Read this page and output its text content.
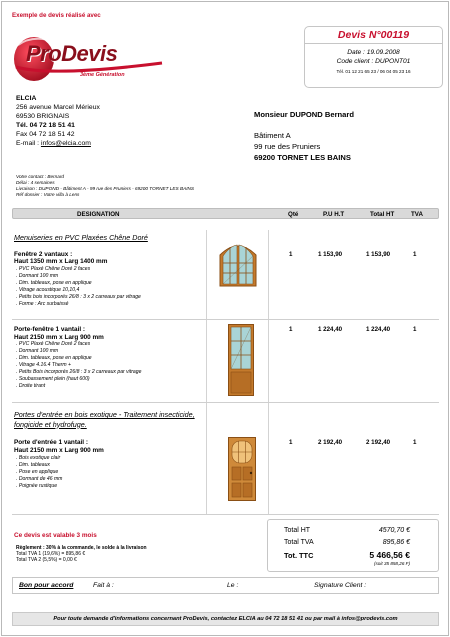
Exemple de devis réalisé avec
ProDevis
3ème Génération
Devis N°00119
Date : 19.09.2008
Code client : DUPONT01
Tél. 01 12 21 65 23 / 06 04 05 23 16
ELCIA
256 avenue Marcel Mérieux
69530 BRIGNAIS
Tél. 04 72 18 51 41
Fax 04 72 18 51 42
E-mail : infos@elcia.com
Monsieur DUPOND Bernard
Bâtiment A
99 rue des Pruniers
69200 TORNET LES BAINS
Votre contact : Bernard
Délai : 4 semaines
Livraison : DUPOND - Bâtiment A - 99 rue des Pruniers - 69200 TORNET LES BAINS
Réf dossier : Votre villa à Lens
DESIGNATION	Qté	P.U H.T	Total HT	TVA
Menuiseries en PVC Plaxées Chêne Doré
Fenêtre 2 vantaux :
Haut 1350 mm x Larg 1400 mm
. PVC Plaxé Chêne Doré 2 faces
. Dormant 100 mm
. Dim. tableaux, pose en applique
. Vitrage acoustique 10,10,4
. Petits bois incorporés 26/8 : 3 x 2 carreaux par vitrage
. Forme : Arc surbaissé
1	1 153,90	1 153,90	1
Porte-fenêtre 1 vantail :
Haut 2150 mm x Larg 900 mm
. PVC Plaxé Chêne Doré 2 faces
. Dormant 100 mm
. Dim. tableaux, pose en applique
. Vitrage 4.16.4 Therm +
. Petits Bois incorporés 26/8 : 3 x 2 carreaux par vitrage
. Soubassement plein (haut 600)
. Droite tirant
1	1 224,40	1 224,40	1
Portes d'entrée en bois exotique - Traitement insecticide, fongicide et hydrofuge.
Porte d'entrée 1 vantail :
Haut 2150 mm x Larg 900 mm
. Bois exotique clair
. Dim. tableaux
. Pose en applique
. Dormant de 46 mm
. Poignée rustique
1	2 192,40	2 192,40	1
Ce devis est valable 3 mois
Règlement : 30% à la commande, le solde à la livraison
Total TVA 1 (19,6%) = 895,86 €
Total TVA 2 (5,5%) = 0,00 €
Total HT	4570,70 €
Total TVA	895,86 €
Tot. TTC	5 466,56 €
(soit 35 858,26 F)
Bon pour accord	Fait à :	Le :	Signature Client :
Pour toute demande d'informations concernant ProDevis, contactez ELCIA au 04 72 18 51 41 ou par mail à infos@prodevis.com
